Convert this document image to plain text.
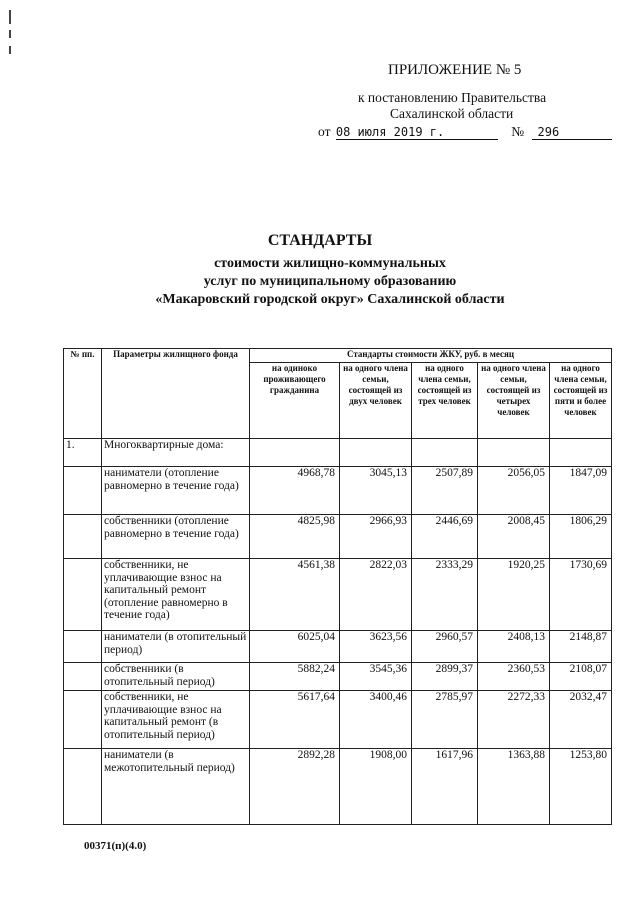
ПРИЛОЖЕНИЕ № 5
к постановлению Правительства
Сахалинской области
от 08 июля 2019 г.	№ 296
СТАНДАРТЫ
стоимости жилищно-коммунальных
услуг по муниципальному образованию
«Макаровский городской округ» Сахалинской области
№ пп.	Параметры жилищного фонда	Стандарты стоимости ЖКУ, руб. в месяц				
		на одиноко проживающего гражданина	на одного члена семьи, состоящей из двух человек	на одного члена семьи, состоящей из трех человек	на одного члена семьи, состоящей из четырех человек	на одного члена семьи, состоящей из пяти и более человек
1.	Многоквартирные дома:					
	наниматели (отопление равномерно в течение года)	4968,78	3045,13	2507,89	2056,05	1847,09
	собственники (отопление равномерно в течение года)	4825,98	2966,93	2446,69	2008,45	1806,29
	собственники, не уплачивающие взнос на капитальный ремонт (отопление равномерно в течение года)	4561,38	2822,03	2333,29	1920,25	1730,69
	наниматели (в отопительный период)	6025,04	3623,56	2960,57	2408,13	2148,87
	собственники (в отопительный период)	5882,24	3545,36	2899,37	2360,53	2108,07
	собственники, не уплачивающие взнос на капитальный ремонт (в отопительный период)	5617,64	3400,46	2785,97	2272,33	2032,47
	наниматели (в межотопительный период)	2892,28	1908,00	1617,96	1363,88	1253,80
00371(п)(4.0)
